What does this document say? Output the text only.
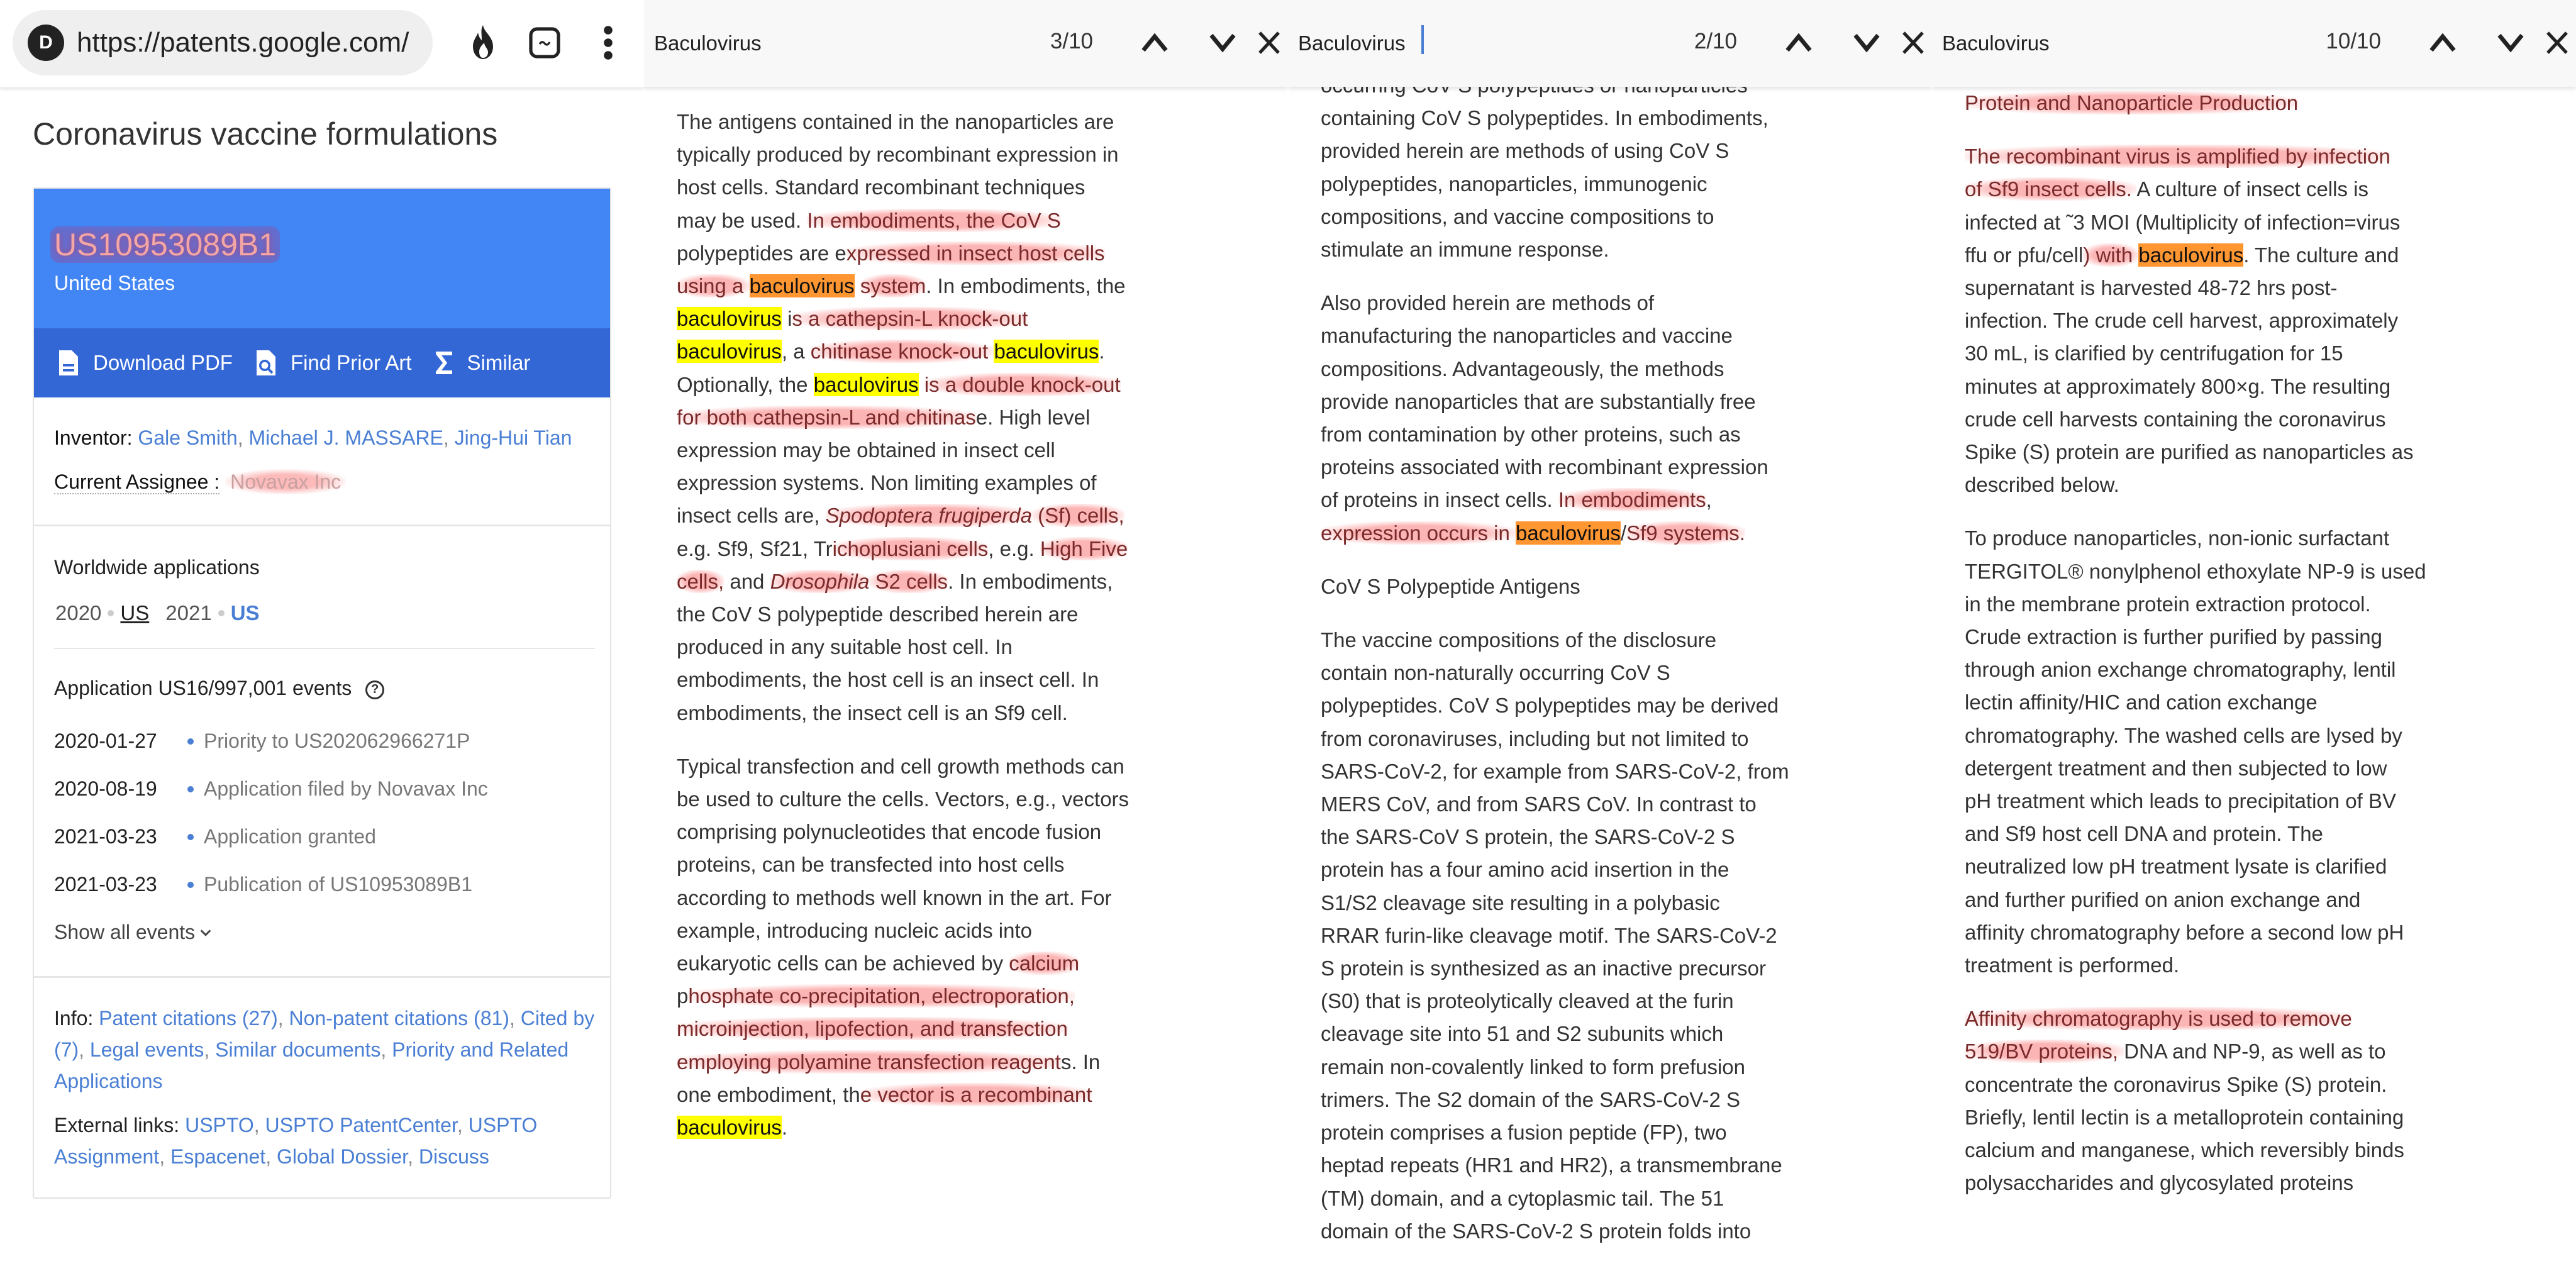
D https://patents.google.com/
Coronavirus vaccine formulations
US10953089B1
United States
Download PDF	Find Prior Art	Similar
Inventor: Gale Smith, Michael J. MASSARE, Jing-Hui Tian
Current Assignee : Novavax Inc
Worldwide applications
2020 US 2021 US
Application US16/997,001 events ?
2020-01-27	Priority to US202062966271P
2020-08-19	Application filed by Novavax Inc
2021-03-23	Application granted
2021-03-23	Publication of US10953089B1
Show all events
Info: Patent citations (27), Non-patent citations (81), Cited by (7), Legal events, Similar documents, Priority and Related Applications
External links: USPTO, USPTO PatentCenter, USPTO Assignment, Espacenet, Global Dossier, Discuss
Baculovirus
3/10

The antigens contained in the nanoparticles are
typically produced by recombinant expression in
host cells. Standard recombinant techniques
may be used. In embodiments, the CoV S
polypeptides are expressed in insect host cells
using a baculovirus system. In embodiments, the
baculovirus is a cathepsin-L knock-out
baculovirus, a chitinase knock-out baculovirus.
Optionally, the baculovirus is a double knock-out
for both cathepsin-L and chitinase. High level
expression may be obtained in insect cell
expression systems. Non limiting examples of
insect cells are, Spodoptera frugiperda (Sf) cells,
e.g. Sf9, Sf21, Trichoplusiani cells, e.g. High Five
cells, and Drosophila S2 cells. In embodiments,
the CoV S polypeptide described herein are
produced in any suitable host cell. In
embodiments, the host cell is an insect cell. In
embodiments, the insect cell is an Sf9 cell.

Typical transfection and cell growth methods can
be used to culture the cells. Vectors, e.g., vectors
comprising polynucleotides that encode fusion
proteins, can be transfected into host cells
according to methods well known in the art. For
example, introducing nucleic acids into
eukaryotic cells can be achieved by calcium
phosphate co-precipitation, electroporation,
microinjection, lipofection, and transfection
employing polyamine transfection reagents. In
one embodiment, the vector is a recombinant
baculovirus.

containing CoV S polypeptides. In embodiments,
provided herein are methods of using CoV S
polypeptides, nanoparticles, immunogenic
compositions, and vaccine compositions to
stimulate an immune response.

Also provided herein are methods of
manufacturing the nanoparticles and vaccine
compositions. Advantageously, the methods
provide nanoparticles that are substantially free
from contamination by other proteins, such as
proteins associated with recombinant expression
of proteins in insect cells. In embodiments,
expression occurs in baculovirus/Sf9 systems.

CoV S Polypeptide Antigens

The vaccine compositions of the disclosure
contain non-naturally occurring CoV S
polypeptides. CoV S polypeptides may be derived
from coronaviruses, including but not limited to
SARS-CoV-2, for example from SARS-CoV-2, from
MERS CoV, and from SARS CoV. In contrast to
the SARS-CoV S protein, the SARS-CoV-2 S
protein has a four amino acid insertion in the
S1/S2 cleavage site resulting in a polybasic
RRAR furin-like cleavage motif. The SARS-CoV-2
S protein is synthesized as an inactive precursor
(S0) that is proteolytically cleaved at the furin
cleavage site into 51 and S2 subunits which
remain non-covalently linked to form prefusion
trimers. The S2 domain of the SARS-CoV-2 S
protein comprises a fusion peptide (FP), two
heptad repeats (HR1 and HR2), a transmembrane
(TM) domain, and a cytoplasmic tail. The 51
domain of the SARS-CoV-2 S protein folds into

Baculovirus
2/10
Baculovirus	10/10
Protein and Nanoparticle Production

The recombinant virus is amplified by infection
of Sf9 insect cells. A culture of insect cells is
infected at ˜3 MOI (Multiplicity of infection=virus
ffu or pfu/cell) with baculovirus. The culture and
supernatant is harvested 48-72 hrs post-
infection. The crude cell harvest, approximately
30 mL, is clarified by centrifugation for 15
minutes at approximately 800×g. The resulting
crude cell harvests containing the coronavirus
Spike (S) protein are purified as nanoparticles as
described below.

To produce nanoparticles, non-ionic surfactant
TERGITOL® nonylphenol ethoxylate NP-9 is used
in the membrane protein extraction protocol.
Crude extraction is further purified by passing
through anion exchange chromatography, lentil
lectin affinity/HIC and cation exchange
chromatography. The washed cells are lysed by
detergent treatment and then subjected to low
pH treatment which leads to precipitation of BV
and Sf9 host cell DNA and protein. The
neutralized low pH treatment lysate is clarified
and further purified on anion exchange and
affinity chromatography before a second low pH
treatment is performed.

Affinity chromatography is used to remove
519/BV proteins, DNA and NP-9, as well as to
concentrate the coronavirus Spike (S) protein.
Briefly, lentil lectin is a metalloprotein containing
calcium and manganese, which reversibly binds
polysaccharides and glycosylated proteins
